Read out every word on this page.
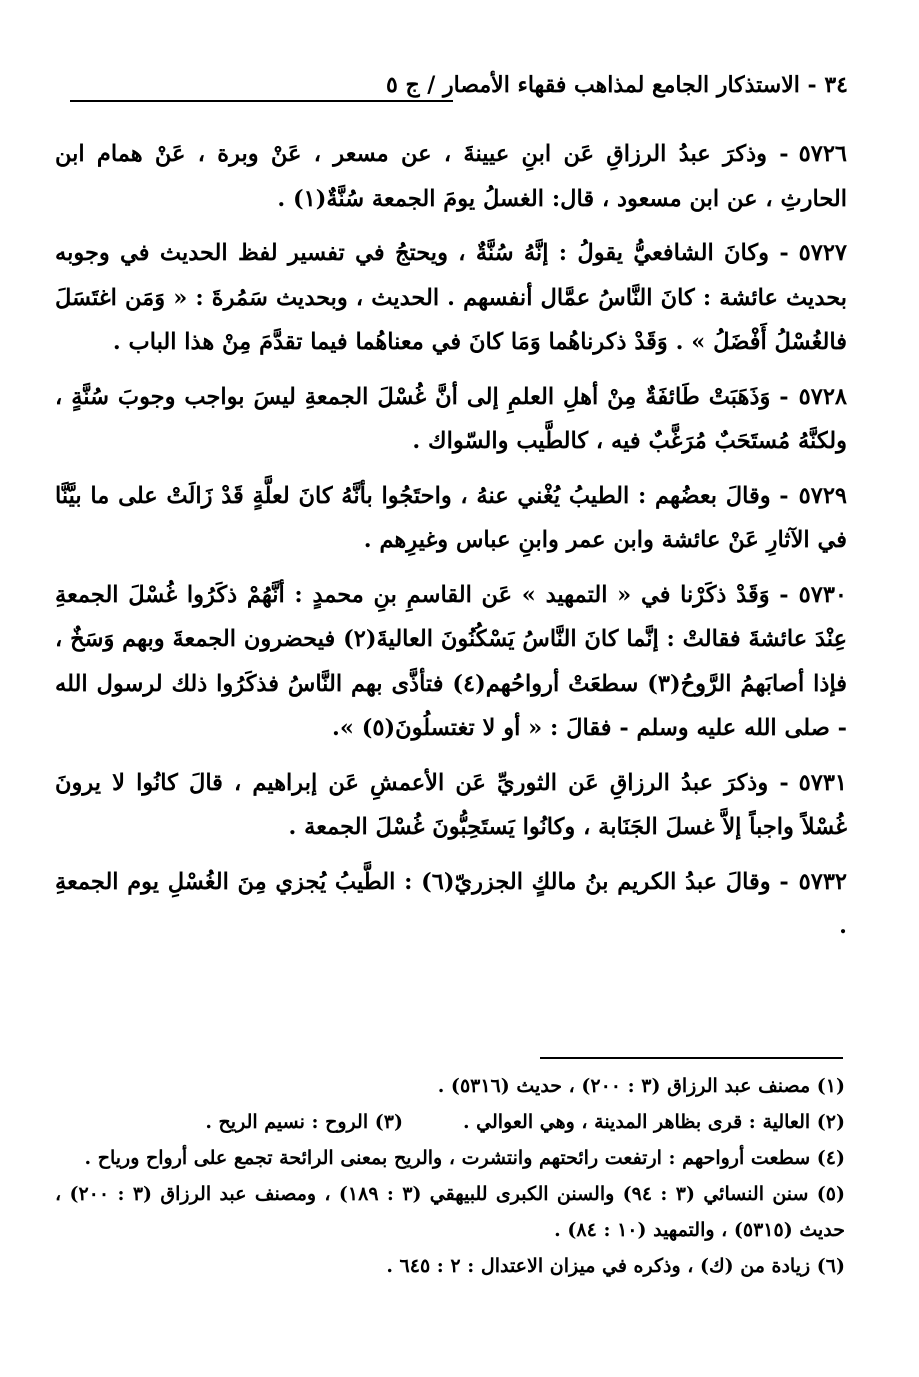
٣٤ - الاستذكار الجامع لمذاهب فقهاء الأمصار / ج ٥

٥٧٢٦- وذكرَ عبدُ الرزاقِ عَن ابنِ عيينةَ ، عن مسعر ، عَنْ وبرة ، عَنْ همام ابن الحارثِ ، عن ابن مسعود ، قال: الغسلُ يومَ الجمعة سُنَّةٌ(١) .

٥٧٢٧- وكانَ الشافعيُّ يقولُ : إنَّهُ سُنَّةٌ ، ويحتجُ في تفسير لفظ الحديث في وجوبه بحديث عائشة : كانَ النَّاسُ عمَّال أنفسهم . الحديث ، وبحديث سَمُرةَ : « وَمَن اغتَسَلَ فالغُسْلُ أَفْضَلُ » . وَقَدْ ذكرناهُما وَمَا كانَ في معناهُما فيما تقدَّمَ مِنْ هذا الباب .

٥٧٢٨- وَذَهَبَتْ طَائفَةٌ مِنْ أهلِ العلمِ إلى أنَّ غُسْلَ الجمعةِ ليسَ بواجب وجوبَ سُنَّةٍ ، ولكنَّهُ مُستَحَبٌ مُرَغَّبٌ فيه ، كالطَّيب والسّواك .

٥٧٢٩- وقالَ بعضُهم : الطيبُ يُغْني عنهُ ، واحتَجُوا بأنَّهُ كانَ لعلَّةٍ قَدْ زَالَتْ على ما بيَّنَّا في الآثارِ عَنْ عائشة وابن عمر وابنِ عباس وغيرِهم .

٥٧٣٠- وَقَدْ ذكَرْنا في « التمهيد » عَن القاسمِ بنِ محمدٍ : أنَّهُمْ ذكَرُوا غُسْلَ الجمعةِ عِنْدَ عائشةَ فقالتْ : إنَّما كانَ النَّاسُ يَسْكُنُونَ العاليةَ(٢) فيحضرون الجمعةَ وبهم وَسَخٌ ، فإذا أصابَهمُ الرَّوحُ(٣) سطعَتْ أرواحُهم(٤) فتأذَّى بهم النَّاسُ فذكَرُوا ذلك لرسول الله - صلى الله عليه وسلم - فقالَ : « أو لا تغتسلُونَ(٥) ».

٥٧٣١- وذكرَ عبدُ الرزاقِ عَن الثوريِّ عَن الأعمشِ عَن إبراهيم ، قالَ كانُوا لا يرونَ غُسْلاً واجباً إلاَّ غسلَ الجَنَابة ، وكانُوا يَستَحِبُّونَ غُسْلَ الجمعة .

٥٧٣٢- وقالَ عبدُ الكريم بنُ مالكٍ الجزريّ(٦) : الطَّيبُ يُجزي مِنَ الغُسْلِ يوم الجمعةِ .

(١) مصنف عبد الرزاق (٣ : ٢٠٠) ، حديث (٥٣١٦) .

(٢) العالية : قرى بظاهر المدينة ، وهي العوالي .(٣) الروح : نسيم الريح .

(٤) سطعت أرواحهم : ارتفعت رائحتهم وانتشرت ، والريح بمعنى الرائحة تجمع على أرواح ورياح .

(٥) سنن النسائي (٣ : ٩٤) والسنن الكبرى للبيهقي (٣ : ١٨٩) ، ومصنف عبد الرزاق (٣ : ٢٠٠) ، حديث (٥٣١٥) ، والتمهيد (١٠ : ٨٤) .

(٦) زيادة من (ك) ، وذكره في ميزان الاعتدال : ٢ : ٦٤٥ .
